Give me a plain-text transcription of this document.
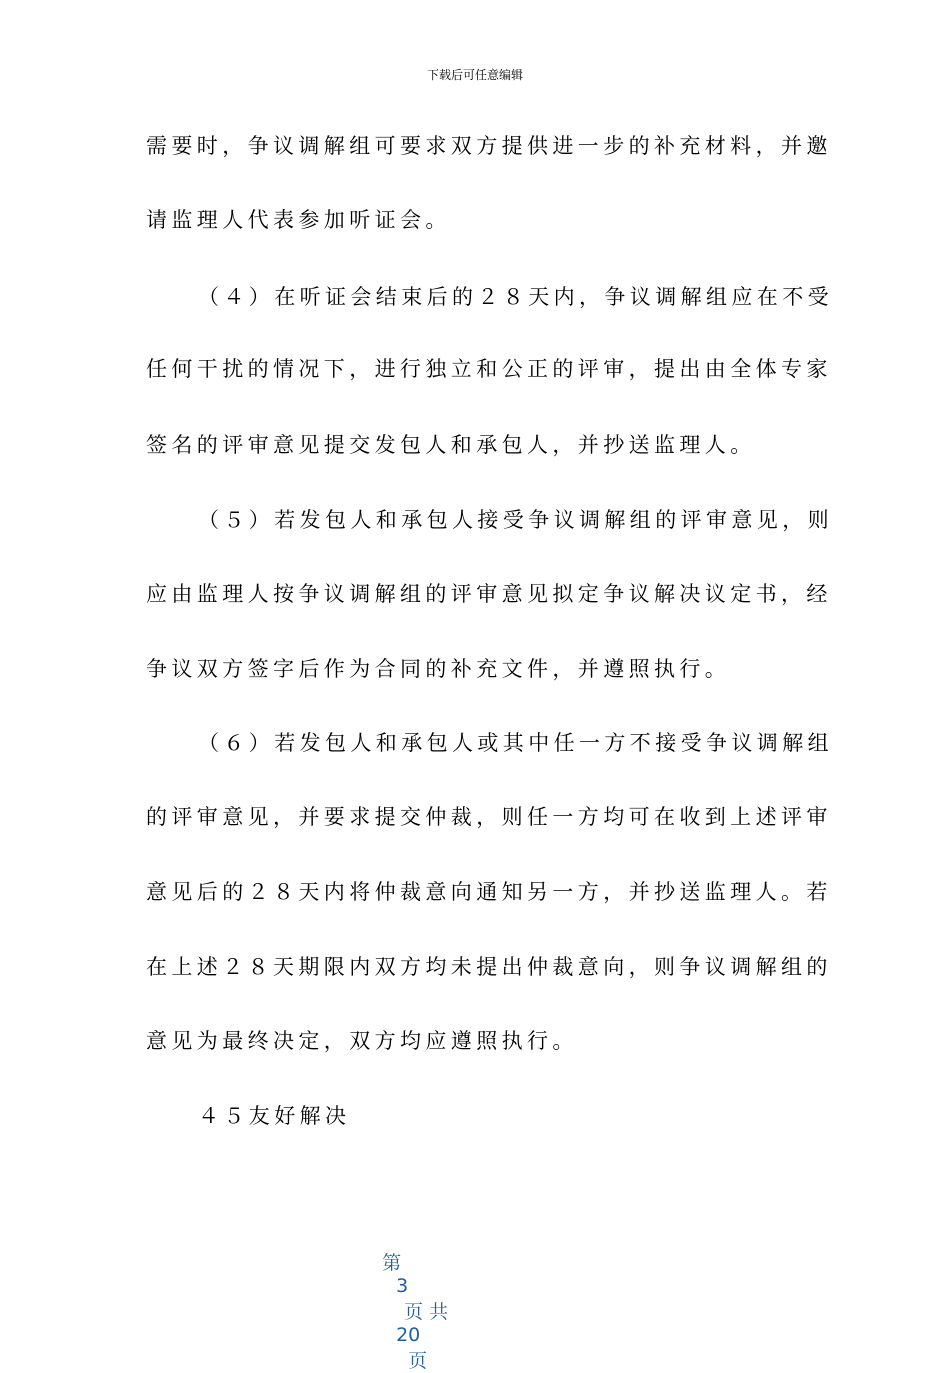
下载后可任意编辑
需要时，争议调解组可要求双方提供进一步的补充材料，并邀
请监理人代表参加听证会。
（４）在听证会结束后的２８天内，争议调解组应在不受
任何干扰的情况下，进行独立和公正的评审，提出由全体专家
签名的评审意见提交发包人和承包人，并抄送监理人。
（５）若发包人和承包人接受争议调解组的评审意见，则
应由监理人按争议调解组的评审意见拟定争议解决议定书，经
争议双方签字后作为合同的补充文件，并遵照执行。
（６）若发包人和承包人或其中任一方不接受争议调解组
的评审意见，并要求提交仲裁，则任一方均可在收到上述评审
意见后的２８天内将仲裁意向通知另一方，并抄送监理人。若
在上述２８天期限内双方均未提出仲裁意向，则争议调解组的
意见为最终决定，双方均应遵照执行。
４５友好解决

第
3
页 共
20
页
